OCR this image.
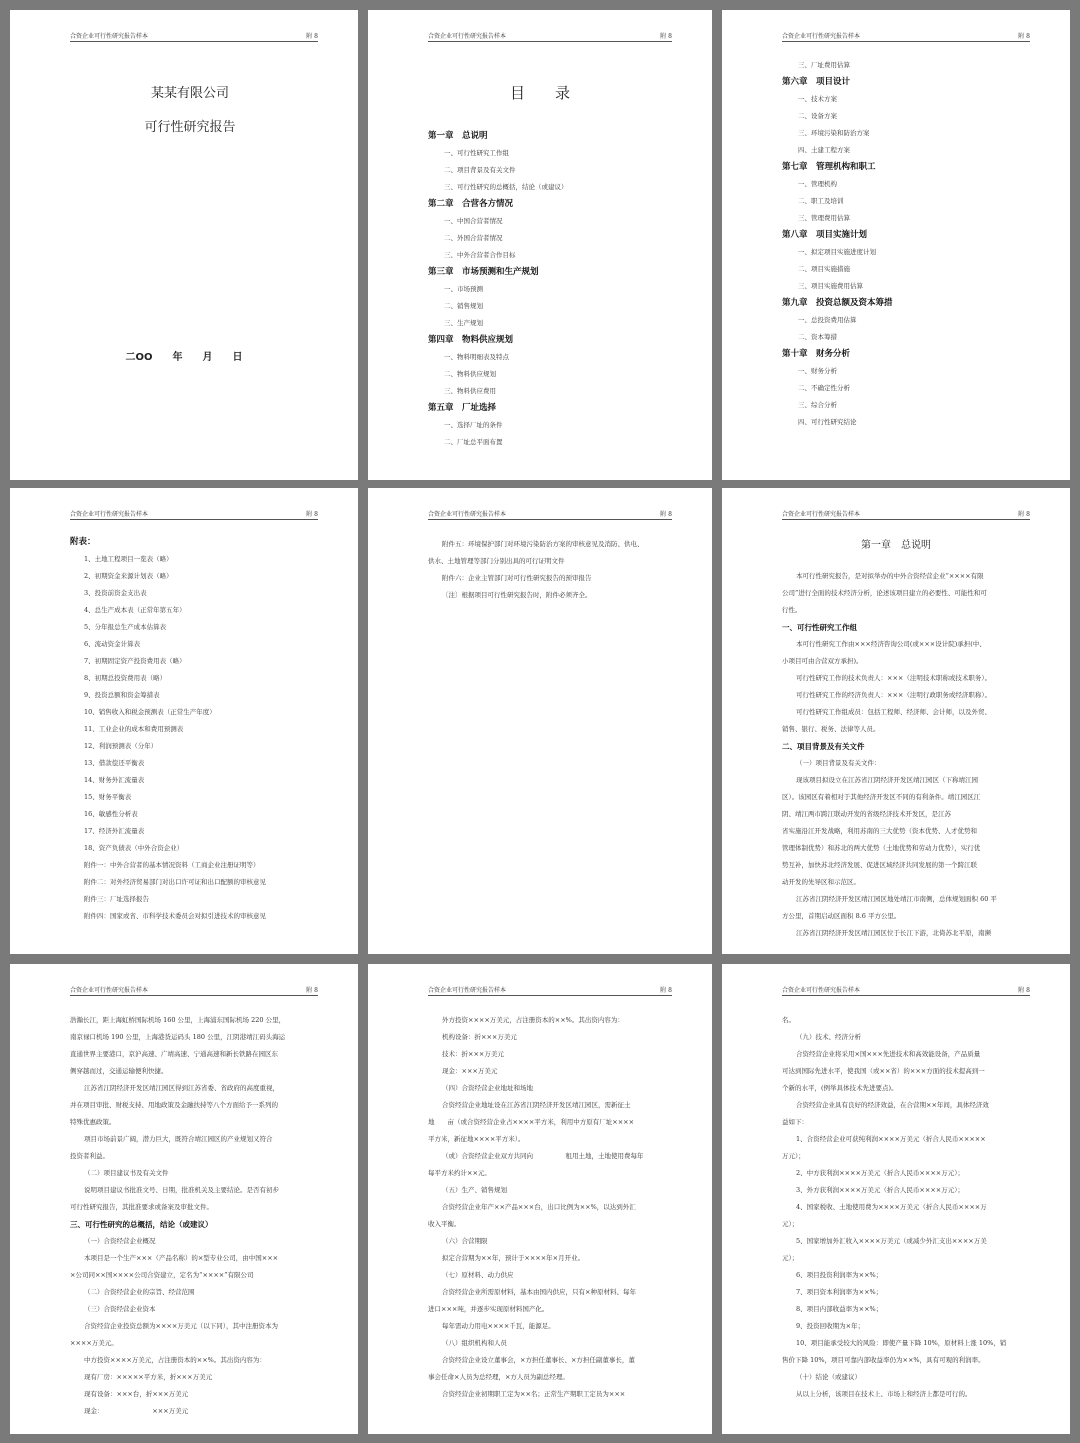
合资企业可行性研究报告样本	附 8
某某有限公司
可行性研究报告
二OO　　年　　月　　日
合资企业可行性研究报告样本	附 8
目　　录
第一章　总说明
一、可行性研究工作组
二、项目背景及有关文件
三、可行性研究的总概括，结论（或建议）
第二章　合营各方情况
一、中国合营者情况
二、外国合营者情况
三、中外合营者合作目标
第三章　市场预测和生产规划
一、市场预测
二、销售规划
三、生产规划
第四章　物料供应规划
一、物料明细表及特点
二、物料供应规划
三、物料供应费用
第五章　厂址选择
一、选择厂址的条件
二、厂址总平面布置
合资企业可行性研究报告样本	附 8
三、厂址费用估算
第六章　项目设计
一、技术方案
二、设备方案
三、环境污染和防治方案
四、土建工程方案
第七章　管理机构和职工
一、管理机构
二、职工及培训
三、管理费用估算
第八章　项目实施计划
一、拟定项目实施进度计划
二、项目实施措施
三、项目实施费用估算
第九章　投资总额及资本筹措
一、总投资费用估算
二、资本筹措
第十章　财务分析
一、财务分析
二、不确定性分析
三、综合分析
四、可行性研究结论
合资企业可行性研究报告样本	附 8
附表：
1、土地工程项目一览表（略）
2、初期资金来源计划表（略）
3、投资前资金支出表
4、总生产成本表（正常年第五年）
5、分年报总生产成本估算表
6、流动资金计算表
7、初期固定资产投资费用表（略）
8、初期总投资费用表（略）
9、投资总额和资金筹措表
10、销售收入和税金预测表（正常生产年度）
11、工业企业的成本和费用预测表
12、利润预测表（分年）
13、借款偿还平衡表
14、财务外汇流量表
15、财务平衡表
16、敏感性分析表
17、经济外汇流量表
18、资产负债表（中外合资企业）
附件一：中外合营者的基本情况资料（工商企业注册证明等）
附件二：对外经济贸易部门对出口许可证和出口配额的审核意见
附件三：厂址选择报告
附件四：国家或省、市科学技术委员会对拟引进技术的审核意见
合资企业可行性研究报告样本	附 8
附件五：环境保护部门对环境污染防治方案的审核意见及消防、供电、
供水、土地管理等部门分别出具的可行证明文件
附件六：企业主管部门对可行性研究报告的预审报告
〔注〕根据项目可行性研究报告时，附件必须齐全。
合资企业可行性研究报告样本	附 8
第一章　总说明
本可行性研究报告，是对拟举办的中外合资经营企业“××××有限
公司”进行全面的技术经济分析，论述该项目建立的必要性、可能性和可
行性。
一、可行性研究工作组
本可行性研究工作由×××经济咨询公司(或×××设计院)承担(中、
小项目可由合营双方承担)。
可行性研究工作的技术负责人：×××（注明技术职称或技术职务）。
可行性研究工作的经济负责人：×××（注明行政职务或经济职称）。
可行性研究工作组成员：包括工程师、经济师、会计师，以及外贸、
销售、银行、税务、法律等人员。
二、项目背景及有关文件
（一）项目背景及有关文件：
现该项目拟设立在江苏省江阴经济开发区靖江园区（下称靖江园
区）。该园区有着相对于其他经济开发区不同的有利条件。靖江园区江
阴、靖江两市跨江联动开发的省级经济技术开发区，是江苏
省实施沿江开发战略，利用苏南的三大优势（资本优势、人才优势和
管理体制优势）和苏北的两大优势（土地优势和劳动力优势），实行优
势互补，加快苏北经济发展、促进区域经济共同发展的第一个跨江联
动开发的先导区和示范区。
江苏省江阴经济开发区靖江园区地处靖江市南侧，总体规划面积 60 平
方公里，首期启动区面积 8.6 平方公里。
江苏省江阴经济开发区靖江园区位于长江下游，北倚苏北平原，南濒
合资企业可行性研究报告样本	附 8
浩瀚长江，距上海虹桥国际机场 160 公里，上海浦东国际机场 220 公里，
南京禄口机场 190 公里，上海港货运码头 180 公里，江阴港靖江码头海运
直通世界主要港口，京沪高速、广靖高速、宁通高速和新长铁路在园区东
侧穿越而过，交通运输便利快捷。
江苏省江阴经济开发区靖江园区得到江苏省委、省政府的高度重视，
并在项目审批、财税支持、用地政策及金融扶持等八个方面给予一系列的
特殊优惠政策。
项目市场前景广阔，潜力巨大，既符合靖江园区的产业规划又符合
投资者利益。
（二）项目建议书及有关文件
说明项目建议书批准文号、日期，批准机关及主要结论。是否有初步
可行性研究报告，其批准要求或备案及审批文件。
三、可行性研究的总概括，结论（或建议）
（一）合资经营企业概况
本项目是一个生产×××（产品名称）的×型专业公司，由中国×××
×公司同××国××××公司合资建立，定名为“××××”有限公司
（二）合资经营企业的宗旨、经营范围
（三）合资经营企业资本
合资经营企业投资总额为××××万美元（以下同），其中注册资本为
××××万美元。
中方投资××××万美元，占注册资本的××%。其出资内容为：
现有厂房：×××××平方米，折×××万美元
现有设备：×××台，折×××万美元
现金：　　　　　　　　×××万美元
合资企业可行性研究报告样本	附 8
外方投资××××万美元，占注册资本的××%。其出资内容为：
机构设备：折×××万美元
技术：折×××万美元
现金：×××万美元
（四）合资经营企业地址和场地
合资经营企业地址设在江苏省江阴经济开发区靖江园区，需新征土
地　　亩（或合资经营企业占××××平方米，利用中方原有厂址××××
平方米，新征地××××平方米）。
（或）合资经营企业双方共同向　　　　　租用土地，土地使用费每年
每平方米约计××元。
（五）生产、销售规划
合资经营企业年产××产品×××台，出口比例为××%，以达到外汇
收入平衡。
（六）合营期限
拟定合营期为××年，预计于××××年×月开业。
（七）原材料、动力供应
合资经营企业所需原材料，基本由国内供应，只有×种原材料、每年
进口×××吨，并逐步实现原材料国产化。
每年需动力用电××××千瓦，能源足。
（八）组织机构和人员
合资经营企业设立董事会，×方担任董事长、×方担任副董事长，董
事会任命×人员为总经理，×方人员为副总经理。
合资经营企业初期职工定为××名；正常生产期职工定员为×××
合资企业可行性研究报告样本	附 8
名。
（九）技术、经济分析
合资经营企业将采用×国×××先进技术和高效能设备，产品质量
可达到国际先进水平，使我国（或××省）的×××方面的技术提高到一
个新的水平，(例举具体技术先进要点)。
合资经营企业具有良好的经济效益，在合营期××年间，具体经济效
益如下：
1、合资经营企业可获纯利润××××万美元（折合人民币×××××
万元）；
2、中方获利润××××万美元（折合人民币××××万元）；
3、外方获利润××××万美元（折合人民币××××万元）；
4、国家税收、土地使用费为××××万美元（折合人民币××××万
元）；
5、国家增加外汇收入××××万美元（或减少外汇支出××××万美
元）；
6、项目投资利润率为××%；
7、项目资本利润率为××%；
8、项目内部收益率为××%；
9、投资回收期为×年；
10、项目能承受较大的风险：即使产量下降 10%，原材料上涨 10%，销
售价下降 10%，项目可靠内部收益率仍为××%，具有可观的利润率。
（十）结论（或建议）
从以上分析，该项目在技术上、市场上和经济上都是可行的。
